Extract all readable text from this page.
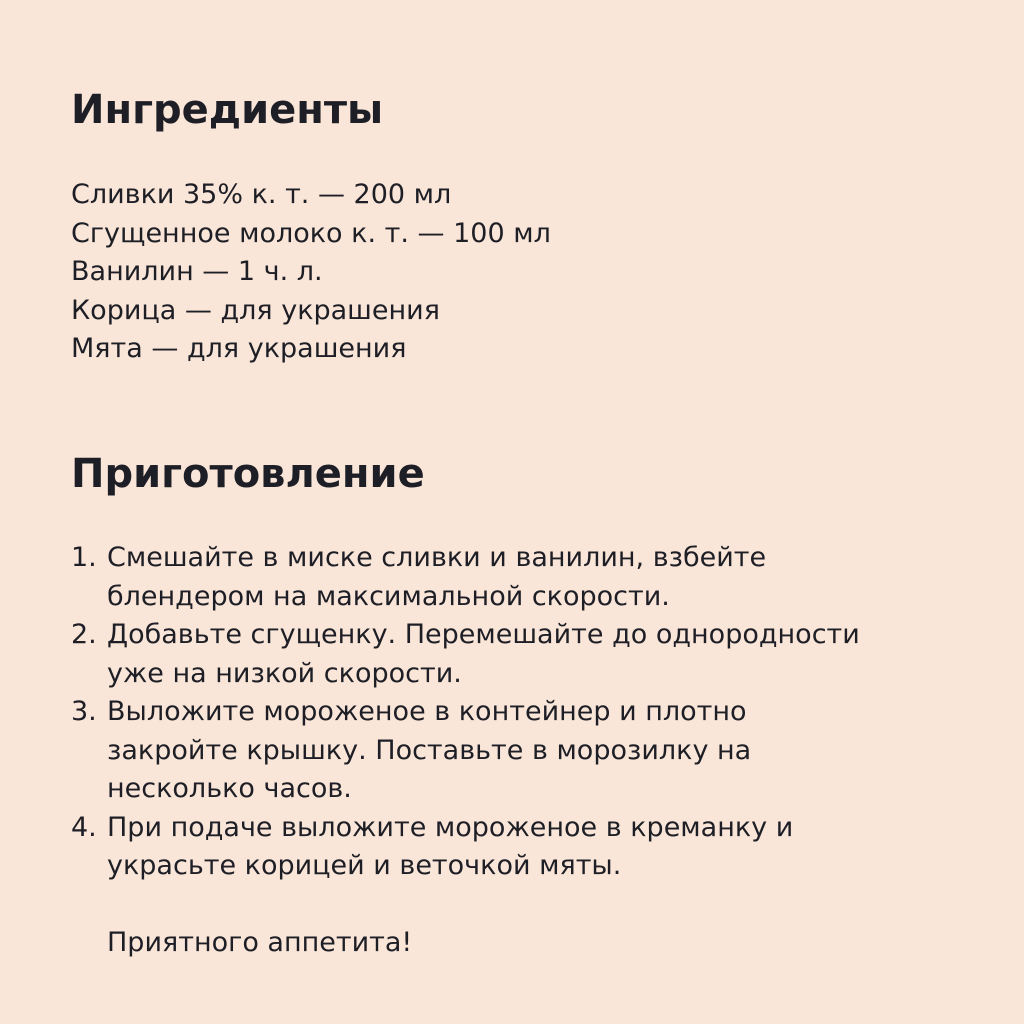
Ингредиенты
Сливки 35% к. т. — 200 мл
Сгущенное молоко к. т. — 100 мл
Ванилин — 1 ч. л.
Корица — для украшения
Мята — для украшения
Приготовление
1. Смешайте в миске сливки и ванилин, взбейте
блендером на максимальной скорости.
2. Добавьте сгущенку. Перемешайте до однородности
уже на низкой скорости.
3. Выложите мороженое в контейнер и плотно
закройте крышку. Поставьте в морозилку на
несколько часов.
4. При подаче выложите мороженое в креманку и
украсьте корицей и веточкой мяты.

Приятного аппетита!
